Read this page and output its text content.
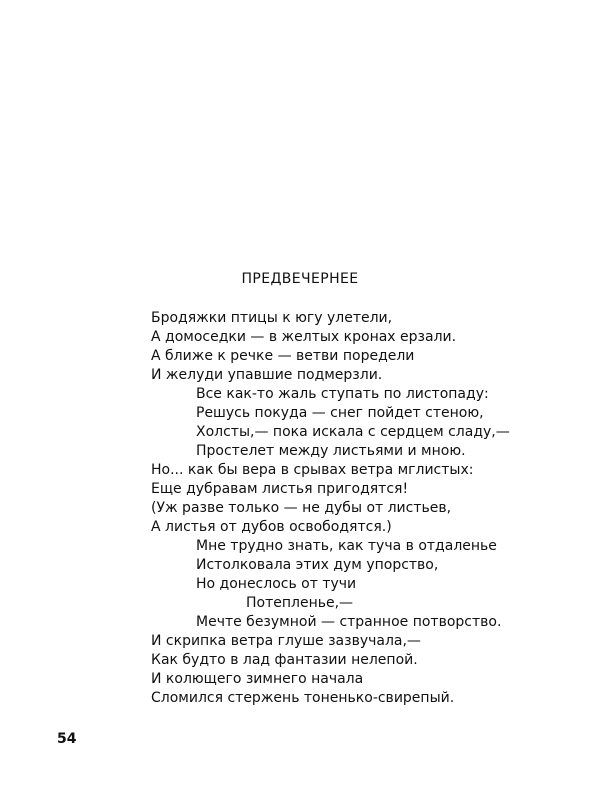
ПРЕДВЕЧЕРНЕЕ
Бродяжки птицы к югу улетели,
А домоседки — в желтых кронах ерзали.
А ближе к речке — ветви поредели
И желуди упавшие подмерзли.
Все как-то жаль ступать по листопаду:
Решусь покуда — снег пойдет стеною,
Холсты,— пока искала с сердцем сладу,—
Простелет между листьями и мною.
Но... как бы вера в срывах ветра мглистых:
Еще дубравам листья пригодятся!
(Уж разве только — не дубы от листьев,
А листья от дубов освободятся.)
Мне трудно знать, как туча в отдаленье
Истолковала этих дум упорство,
Но донеслось от тучи
Потепленье,—
Мечте безумной — странное потворство.
И скрипка ветра глуше зазвучала,—
Как будто в лад фантазии нелепой.
И колющего зимнего начала
Сломился стержень тоненько-свирепый.
54
